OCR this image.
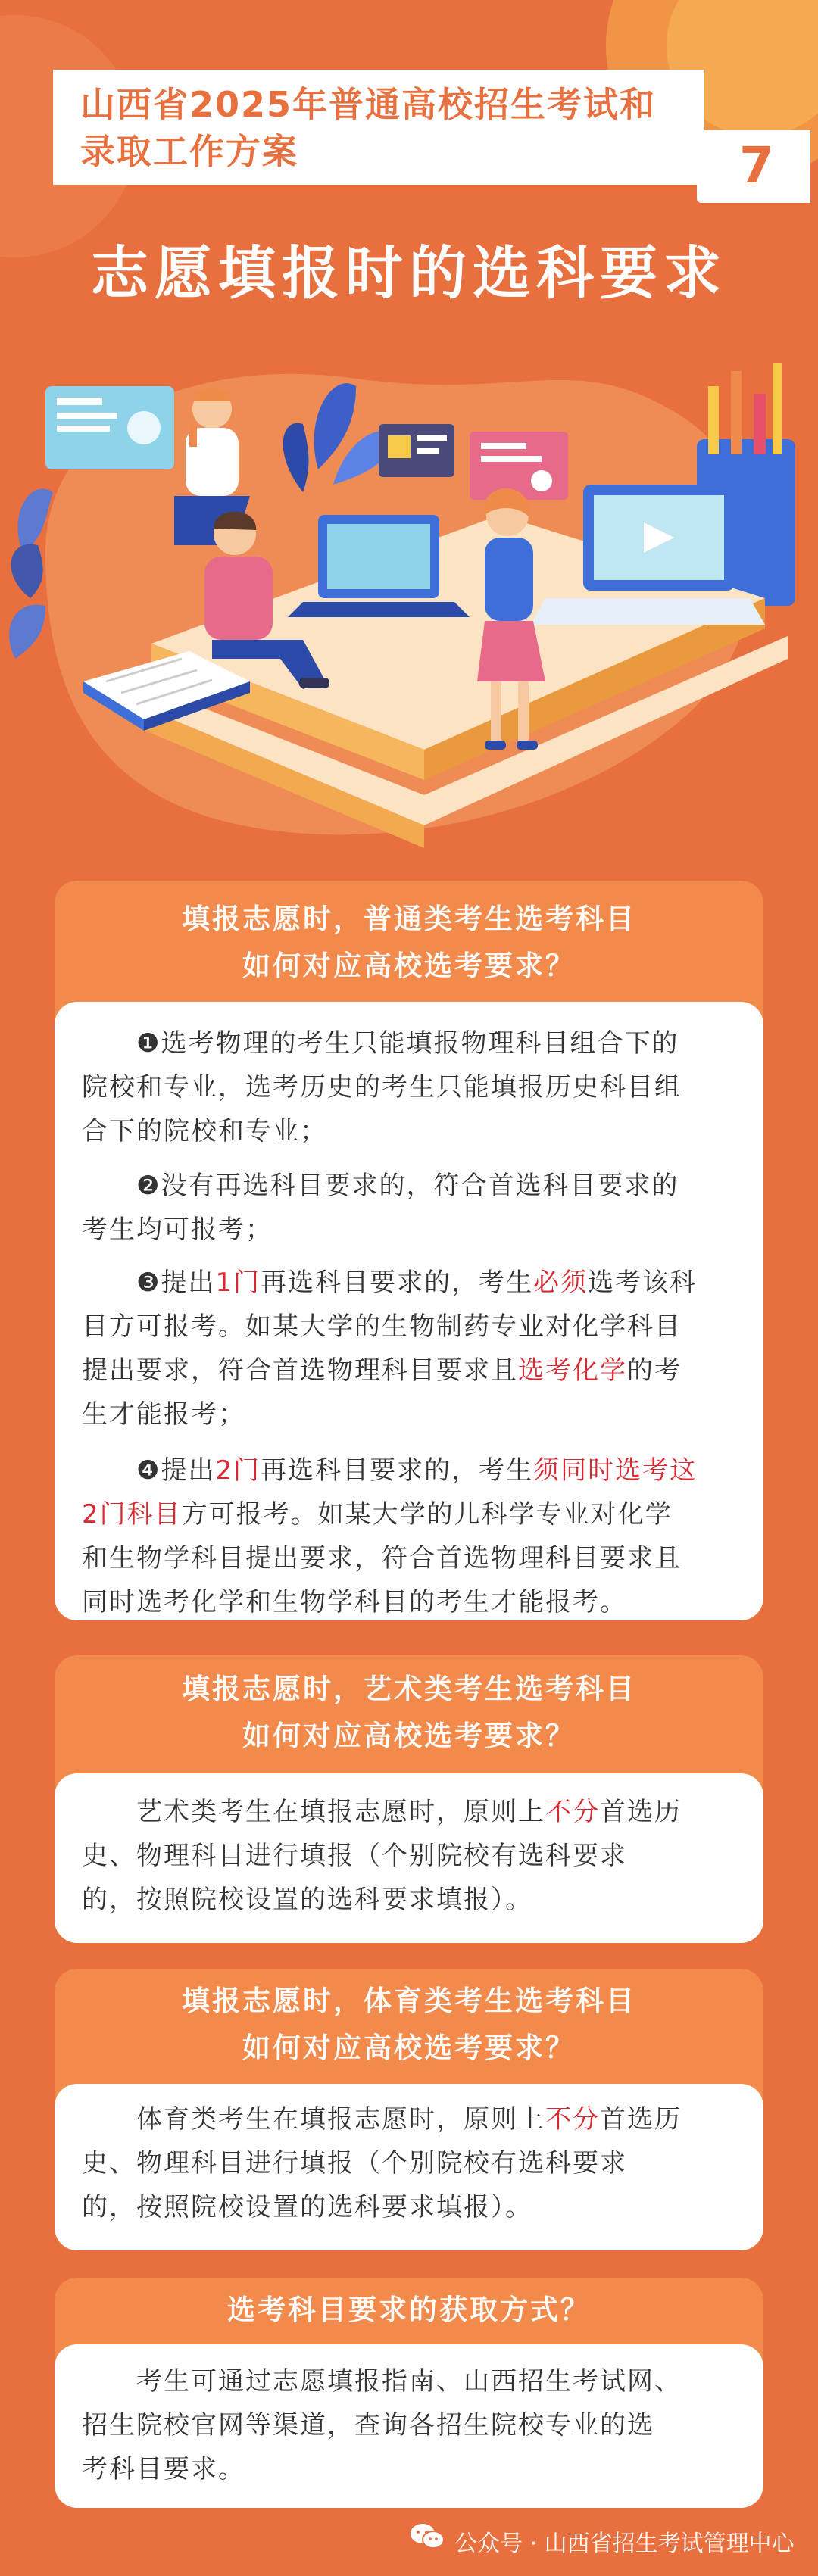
山西省2025年普通高校招生考试和
录取工作方案	7
志愿填报时的选科要求
填报志愿时，普通类考生选考科目
如何对应高校选考要求？
  ❶选考物理的考生只能填报物理科目组合下的
院校和专业，选考历史的考生只能填报历史科目组
合下的院校和专业；
  ❷没有再选科目要求的，符合首选科目要求的
考生均可报考；
  ❸提出1门再选科目要求的，考生必须选考该科
目方可报考。如某大学的生物制药专业对化学科目
提出要求，符合首选物理科目要求且选考化学的考
生才能报考；
  ❹提出2门再选科目要求的，考生须同时选考这
2门科目方可报考。如某大学的儿科学专业对化学
和生物学科目提出要求，符合首选物理科目要求且
同时选考化学和生物学科目的考生才能报考。
填报志愿时，艺术类考生选考科目
如何对应高校选考要求？
  艺术类考生在填报志愿时，原则上不分首选历
史、物理科目进行填报（个别院校有选科要求
的，按照院校设置的选科要求填报）。
填报志愿时，体育类考生选考科目
如何对应高校选考要求？
  体育类考生在填报志愿时，原则上不分首选历
史、物理科目进行填报（个别院校有选科要求
的，按照院校设置的选科要求填报）。
选考科目要求的获取方式？
  考生可通过志愿填报指南、山西招生考试网、
招生院校官网等渠道，查询各招生院校专业的选
考科目要求。
公众号 · 山西省招生考试管理中心
